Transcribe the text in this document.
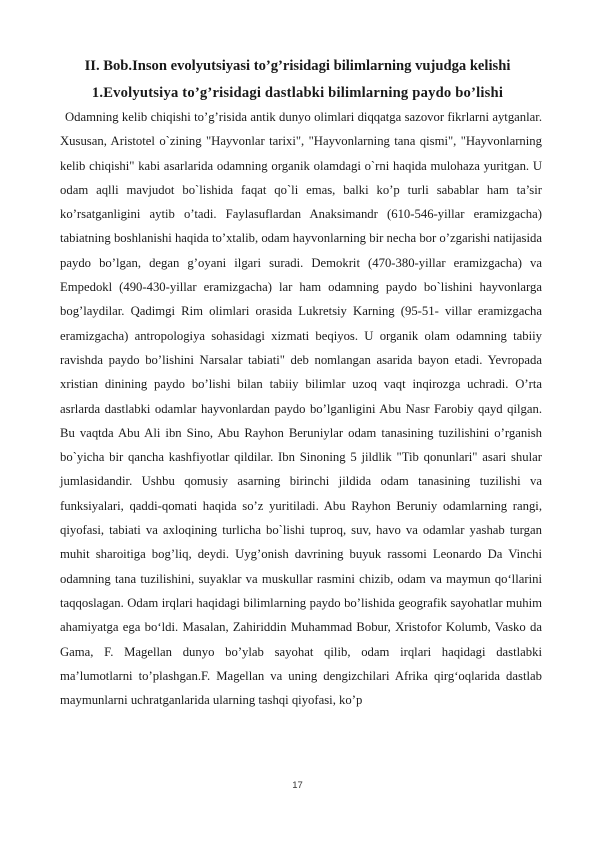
II. Bob.Inson evolyutsiyasi to’g’risidagi bilimlarning vujudga kelishi
1.Evolyutsiya to’g’risidagi dastlabki bilimlarning paydo bo’lishi

Odamning kelib chiqishi to’g’risida antik dunyo olimlari diqqatga sazovor fikrlarni aytganlar. Xususan, Aristotel o`zining "Hayvonlar tarixi", "Hayvonlarning tana qismi", "Hayvonlarning kelib chiqishi" kabi asarlarida odamning organik olamdagi o`rni haqida mulohaza yuritgan. U odam aqlli mavjudot bo`lishida faqat qo`li emas, balki ko’p turli sabablar ham ta’sir ko’rsatganligini aytib o’tadi. Faylasuflardan Anaksimandr (610-546-yillar eramizgacha) tabiatning boshlanishi haqida to’xtalib, odam hayvonlarning bir necha bor o’zgarishi natijasida paydo bo’lgan, degan g’oyani ilgari suradi. Demokrit (470-380-yillar eramizgacha) va Empedokl (490-430-yillar eramizgacha) lar ham odamning paydo bo`lishini hayvonlarga bog’laydilar. Qadimgi Rim olimlari orasida Lukretsiy Karning (95-51- villar eramizgacha eramizgacha) antropologiya sohasidagi xizmati beqiyos. U organik olam odamning tabiiy ravishda paydo bo’lishini Narsalar tabiati" deb nomlangan asarida bayon etadi. Yevropada xristian dinining paydo bo’lishi bilan tabiiy bilimlar uzoq vaqt inqirozga uchradi. O’rta asrlarda dastlabki odamlar hayvonlardan paydo bo’lganligini Abu Nasr Farobiy qayd qilgan. Bu vaqtda Abu Ali ibn Sino, Abu Rayhon Beruniylar odam tanasining tuzilishini o’rganish bo`yicha bir qancha kashfiyotlar qildilar. Ibn Sinoning 5 jildlik "Tib qonunlari" asari shular jumlasidandir. Ushbu qomusiy asarning birinchi jildida odam tanasining tuzilishi va funksiyalari, qaddi-qomati haqida so’z yuritiladi. Abu Rayhon Beruniy odamlarning rangi, qiyofasi, tabiati va axloqining turlicha bo`lishi tuproq, suv, havo va odamlar yashab turgan muhit sharoitiga bog’liq, deydi. Uyg’onish davrining buyuk rassomi Leonardo Da Vinchi odamning tana tuzilishini, suyaklar va muskullar rasmini chizib, odam va maymun qo‘llarini taqqoslagan. Odam irqlari haqidagi bilimlarning paydo bo’lishida geografik sayohatlar muhim ahamiyatga ega bo‘ldi. Masalan, Zahiriddin Muhammad Bobur, Xristofor Kolumb, Vasko da Gama, F. Magellan dunyo bo’ylab sayohat qilib, odam irqlari haqidagi dastlabki ma’lumotlarni to’plashgan.F. Magellan va uning dengizchilari Afrika qirg‘oqlarida dastlab maymunlarni uchratganlarida ularning tashqi qiyofasi, ko’p

17
